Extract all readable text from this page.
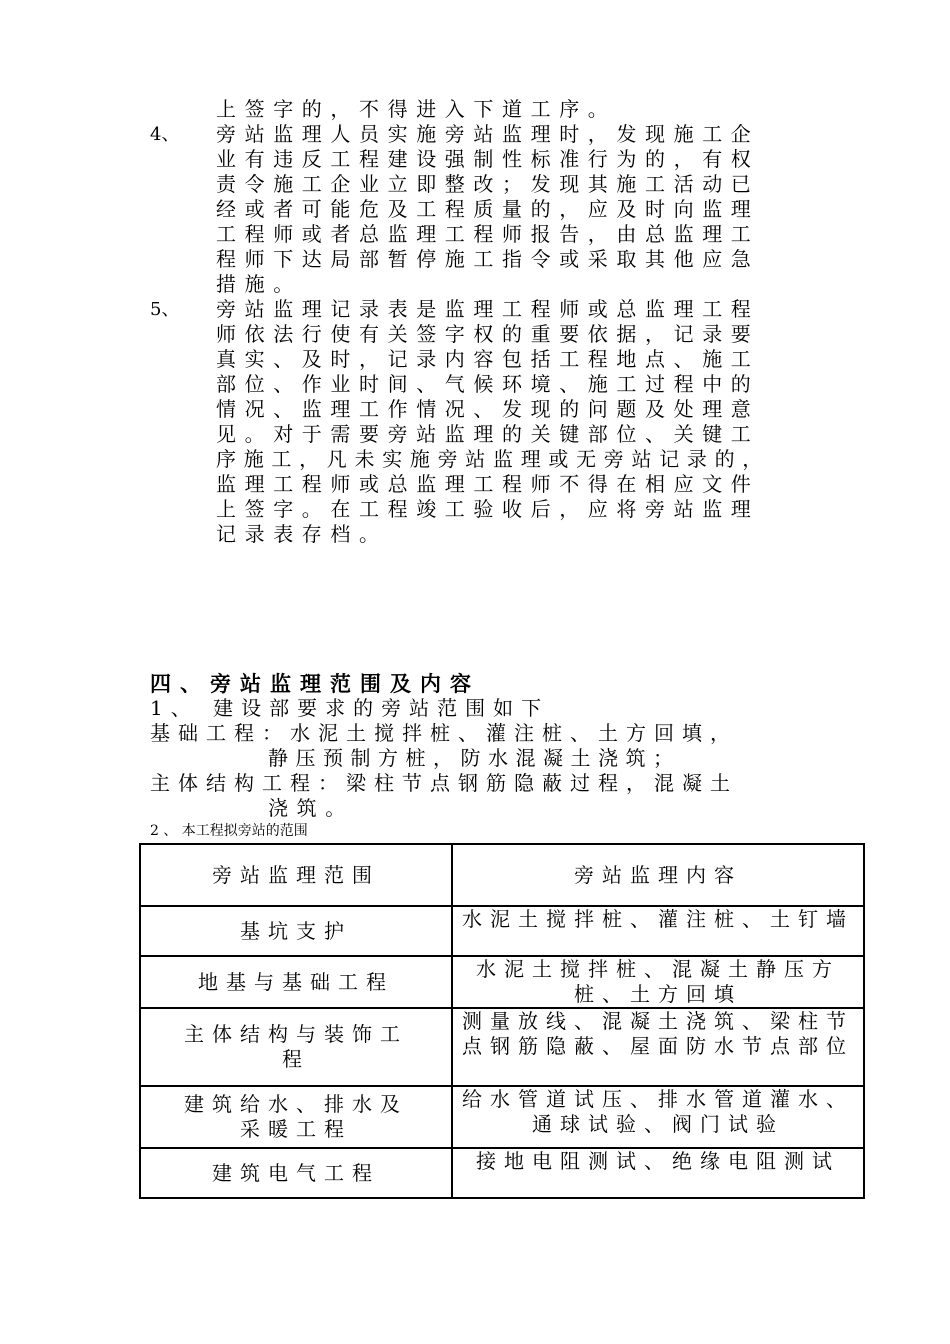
上签字的，不得进入下道工序。
4、 旁站监理人员实施旁站监理时，发现施工企
业有违反工程建设强制性标准行为的，有权
责令施工企业立即整改；发现其施工活动已
经或者可能危及工程质量的，应及时向监理
工程师或者总监理工程师报告，由总监理工
程师下达局部暂停施工指令或采取其他应急
措施。
5、 旁站监理记录表是监理工程师或总监理工程
师依法行使有关签字权的重要依据，记录要
真实、及时，记录内容包括工程地点、施工
部位、作业时间、气候环境、施工过程中的
情况、监理工作情况、发现的问题及处理意
见。对于需要旁站监理的关键部位、关键工
序施工，凡未实施旁站监理或无旁站记录的，
监理工程师或总监理工程师不得在相应文件
上签字。在工程竣工验收后，应将旁站监理
记录表存档。
四、旁站监理范围及内容
1、 建设部要求的旁站范围如下
基础工程：水泥土搅拌桩、灌注桩、土方回填，
静压预制方桩，防水混凝土浇筑；
主体结构工程：梁柱节点钢筋隐蔽过程，混凝土
浇筑。
2 、 本工程拟旁站的范围
旁站监理范围	旁站监理内容
基坑支护	水泥土搅拌桩、灌注桩、土钉墙
地基与基础工程	水泥土搅拌桩、混凝土静压方桩、土方回填
主体结构与装饰工程	测量放线、混凝土浇筑、梁柱节点钢筋隐蔽、屋面防水节点部位
建筑给水、排水及采暖工程	给水管道试压、排水管道灌水、通球试验、阀门试验
建筑电气工程	接地电阻测试、绝缘电阻测试
